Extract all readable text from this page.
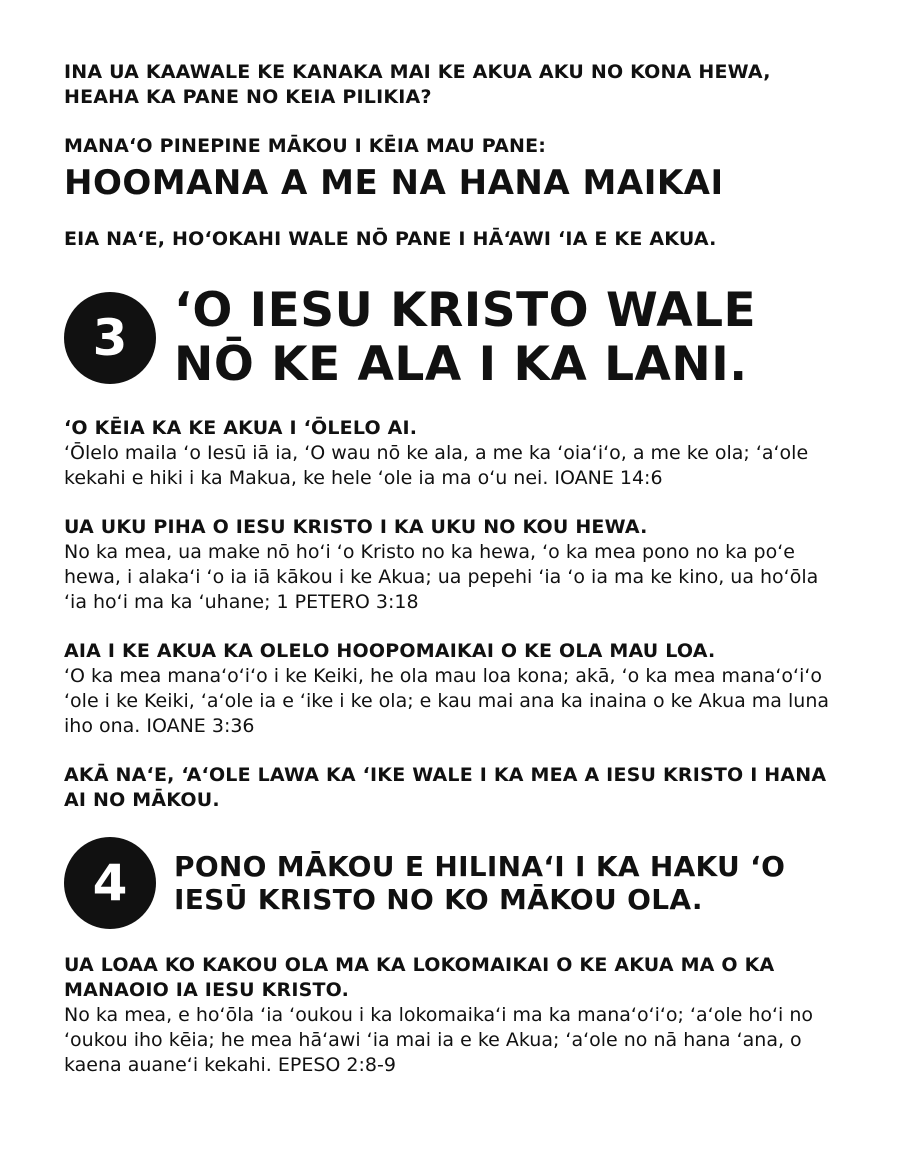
INA UA KAAWALE KE KANAKA MAI KE AKUA AKU NO KONA HEWA,
HEAHA KA PANE NO KEIA PILIKIA?

MANAʻO PINEPINE MĀKOU I KĒIA MAU PANE:

HOOMANA A ME NA HANA MAIKAI

EIA NAʻE, HOʻOKAHI WALE NŌ PANE I HĀʻAWI ʻIA E KE AKUA.

3 ʻO IESU KRISTO WALE
NŌ KE ALA I KA LANI.

ʻO KĒIA KA KE AKUA I ʻŌLELO AI.

ʻŌlelo maila ʻo Iesū iā ia, ʻO wau nō ke ala, a me ka ʻoiaʻiʻo, a me ke ola; ʻaʻole kekahi e hiki i ka Makua, ke hele ʻole ia ma oʻu nei. IOANE 14:6

UA UKU PIHA O IESU KRISTO I KA UKU NO KOU HEWA.

No ka mea, ua make nō hoʻi ʻo Kristo no ka hewa, ʻo ka mea pono no ka poʻe hewa, i alakaʻi ʻo ia iā kākou i ke Akua; ua pepehi ʻia ʻo ia ma ke kino, ua hoʻōla ʻia hoʻi ma ka ʻuhane; 1 PETERO 3:18

AIA I KE AKUA KA OLELO HOOPOMAIKAI O KE OLA MAU LOA.

ʻO ka mea manaʻoʻiʻo i ke Keiki, he ola mau loa kona; akā, ʻo ka mea manaʻoʻiʻo ʻole i ke Keiki, ʻaʻole ia e ʻike i ke ola; e kau mai ana ka inaina o ke Akua ma luna iho ona. IOANE 3:36

AKĀ NAʻE, ʻAʻOLE LAWA KA ʻIKE WALE I KA MEA A IESU KRISTO I HANA AI NO MĀKOU.

4 PONO MĀKOU E HILINAʻI I KA HAKU ʻO
IESŪ KRISTO NO KO MĀKOU OLA.

UA LOAA KO KAKOU OLA MA KA LOKOMAIKAI O KE AKUA MA O KA MANAOIO IA IESU KRISTO.

No ka mea, e hoʻōla ʻia ʻoukou i ka lokomaikaʻi ma ka manaʻoʻiʻo; ʻaʻole hoʻi no ʻoukou iho kēia; he mea hāʻawi ʻia mai ia e ke Akua; ʻaʻole no nā hana ʻana, o kaena auaneʻi kekahi. EPESO 2:8-9
